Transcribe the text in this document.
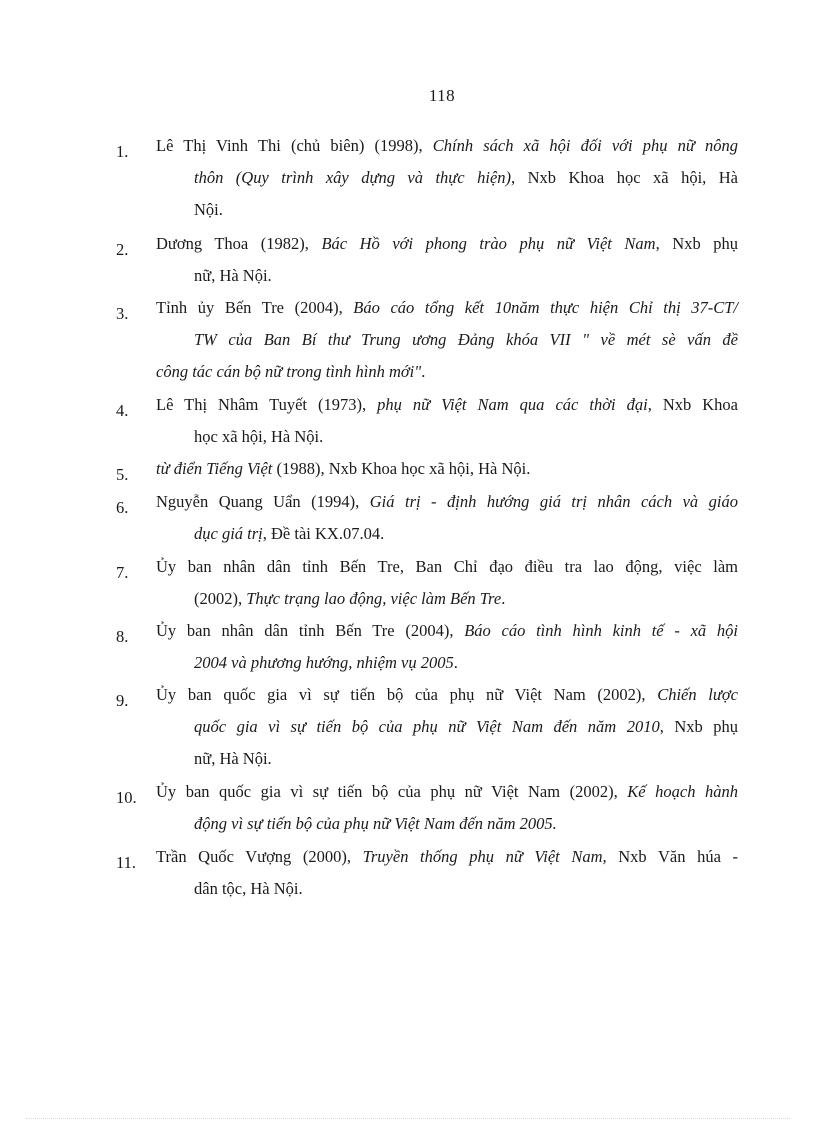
118
1. Lê Thị Vinh Thi (chủ biên) (1998), Chính sách xã hội đối với phụ nữ nông
thôn (Quy trình xây dựng và thực hiện), Nxb Khoa học xã hội, Hà
Nội.
2. Dương Thoa (1982), Bác Hồ với phong trào phụ nữ Việt Nam, Nxb phụ
nữ, Hà Nội.
3. Tỉnh ủy Bến Tre (2004), Báo cáo tổng kết 10năm thực hiện Chỉ thị 37-CT/
TW của Ban Bí thư Trung ương Đảng khóa VII " về mét sè vấn đề
công tác cán bộ nữ trong tình hình mới".
4. Lê Thị Nhâm Tuyết (1973), phụ nữ Việt Nam qua các thời đại, Nxb Khoa
học xã hội, Hà Nội.
5. từ điển Tiếng Việt (1988), Nxb Khoa học xã hội, Hà Nội.
6. Nguyễn Quang Uẩn (1994), Giá trị - định hướng giá trị nhân cách và giáo
dục giá trị, Đề tài KX.07.04.
7. Ủy ban nhân dân tỉnh Bến Tre, Ban Chỉ đạo điều tra lao động, việc làm
(2002), Thực trạng lao động, việc làm Bến Tre.
8. Ủy ban nhân dân tỉnh Bến Tre (2004), Báo cáo tình hình kinh tế - xã hội
2004 và phương hướng, nhiệm vụ 2005.
9. Ủy ban quốc gia vì sự tiến bộ của phụ nữ Việt Nam (2002), Chiến lược
quốc gia vì sự tiến bộ của phụ nữ Việt Nam đến năm 2010, Nxb phụ
nữ, Hà Nội.
10. Ủy ban quốc gia vì sự tiến bộ của phụ nữ Việt Nam (2002), Kế hoạch hành
động vì sự tiến bộ của phụ nữ Việt Nam đến năm 2005.
11. Trần Quốc Vượng (2000), Truyền thống phụ nữ Việt Nam, Nxb Văn húa -
dân tộc, Hà Nội.
